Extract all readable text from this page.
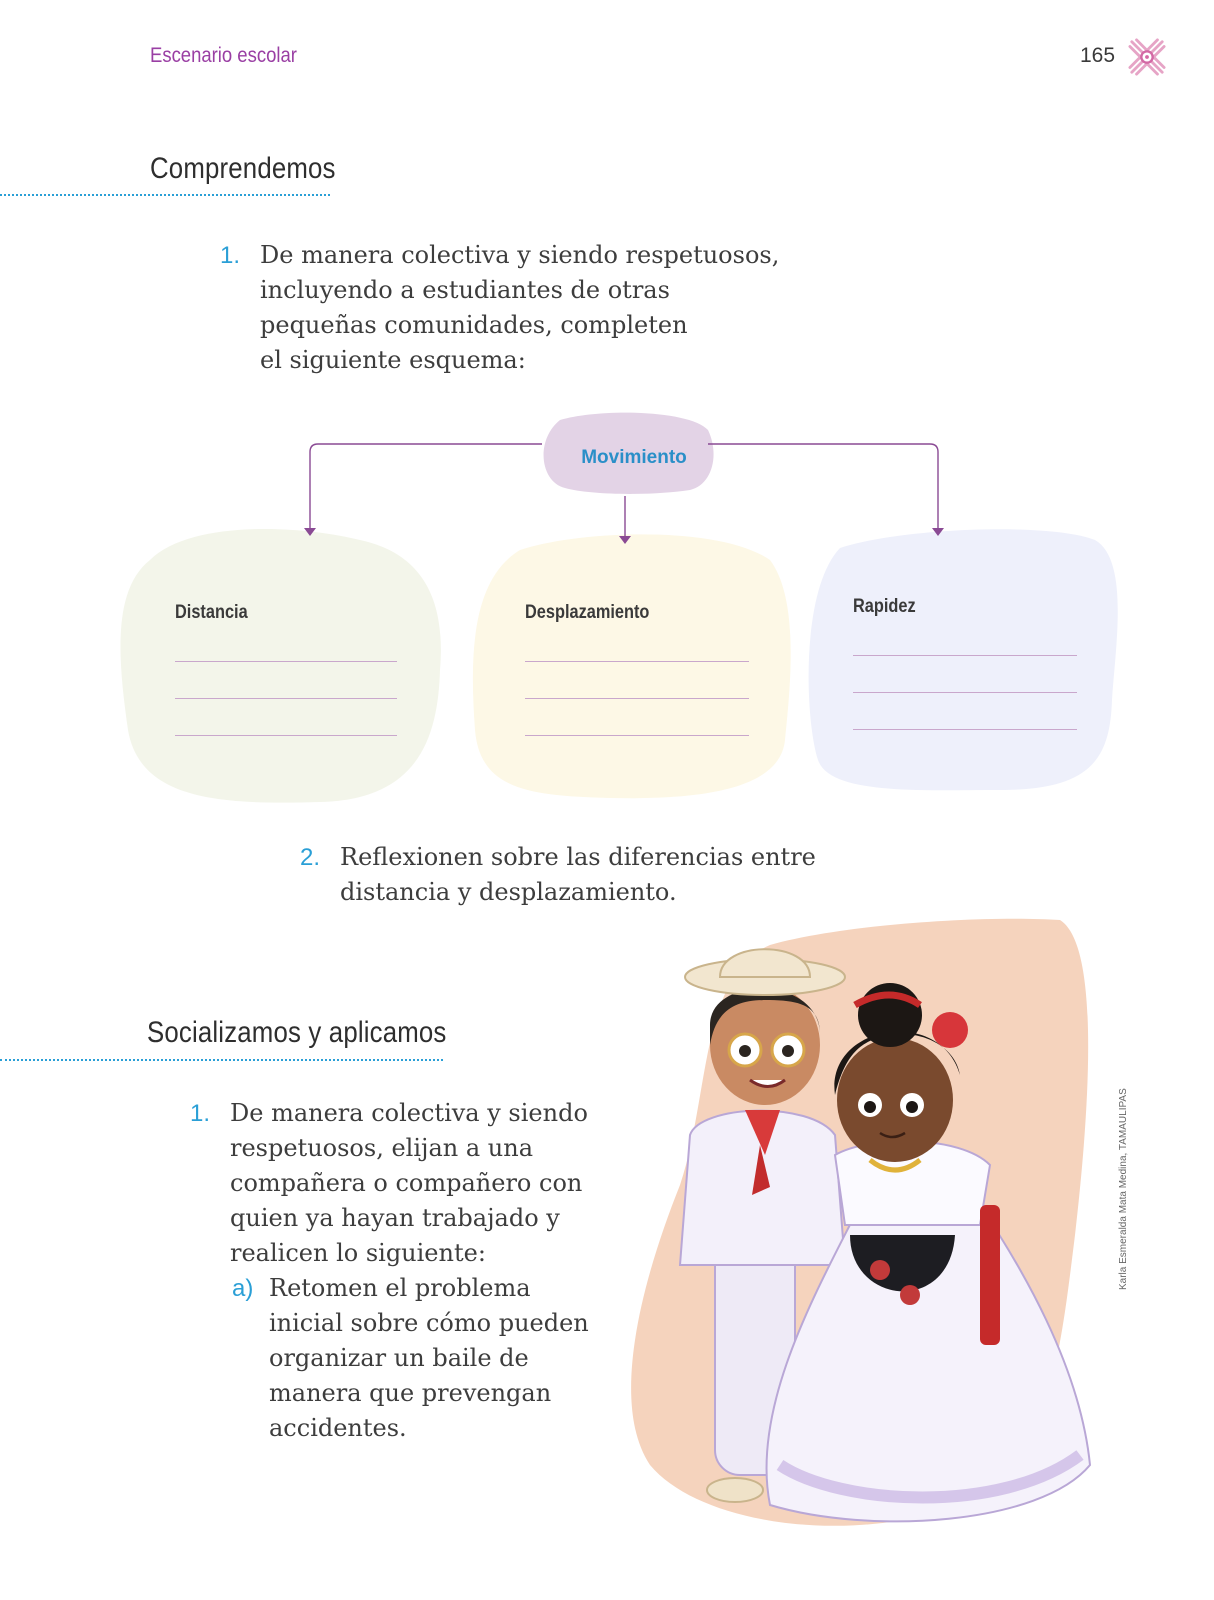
Escenario escolar	165
Comprendemos
1. De manera colectiva y siendo respetuosos,
incluyendo a estudiantes de otras
pequeñas comunidades, completen
el siguiente esquema:
Movimiento
Distancia	Desplazamiento	Rapidez
2. Reflexionen sobre las diferencias entre
distancia y desplazamiento.
Socializamos y aplicamos
1. De manera colectiva y siendo
respetuosos, elijan a una
compañera o compañero con
quien ya hayan trabajado y
realicen lo siguiente:
a) Retomen el problema
inicial sobre cómo pueden
organizar un baile de
manera que prevengan
accidentes.
Karla Esmeralda Mata Medina, TAMAULIPAS
